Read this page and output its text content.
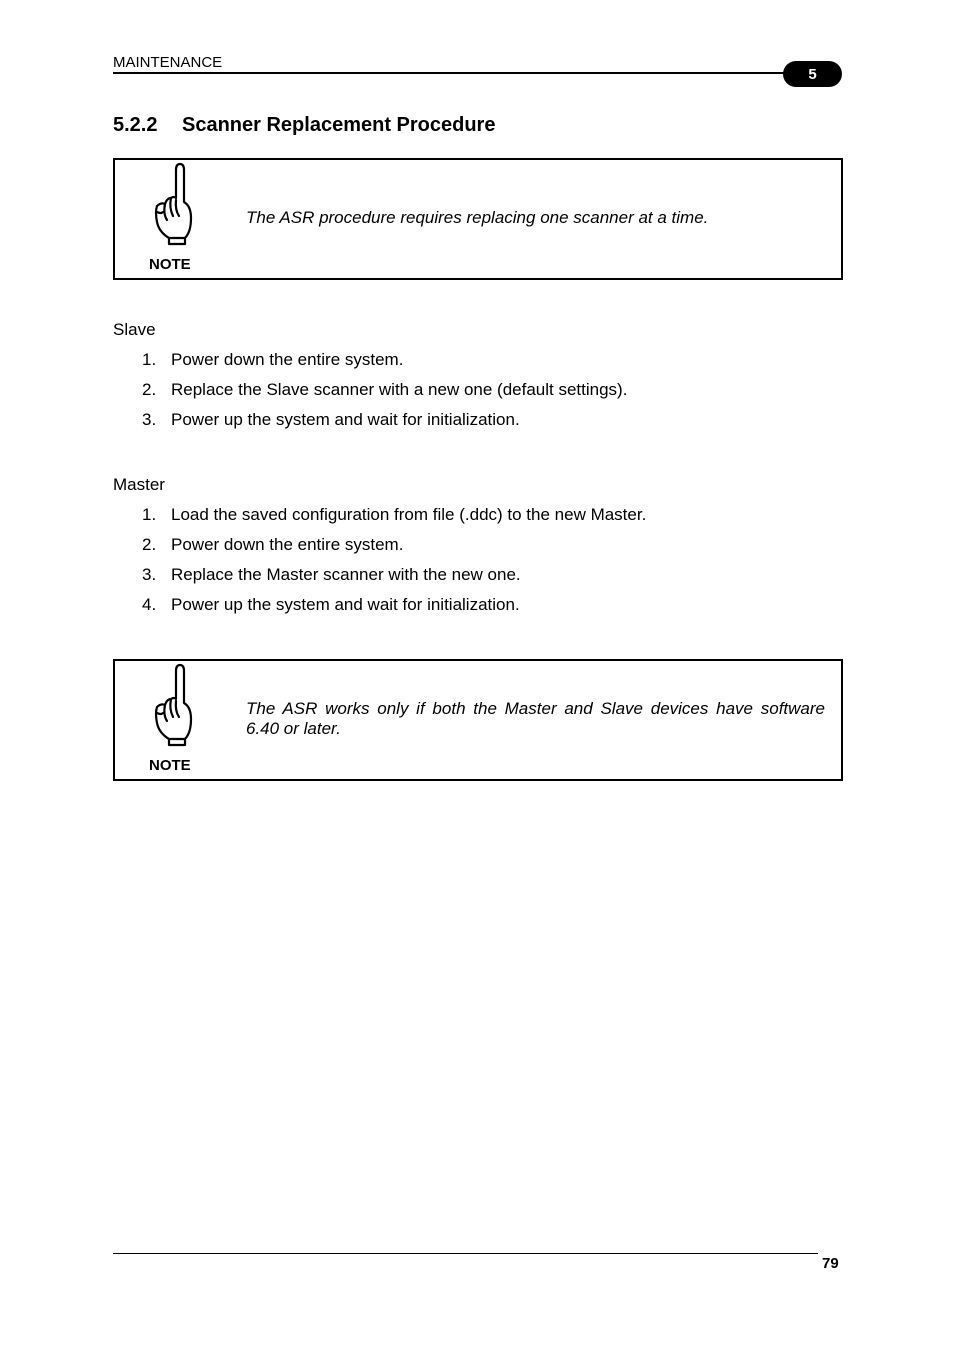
MAINTENANCE
5
5.2.2 Scanner Replacement Procedure
NOTE
The ASR procedure requires replacing one scanner at a time.
Slave
1. Power down the entire system.
2. Replace the Slave scanner with a new one (default settings).
3. Power up the system and wait for initialization.
Master
1. Load the saved configuration from file (.ddc) to the new Master.
2. Power down the entire system.
3. Replace the Master scanner with the new one.
4. Power up the system and wait for initialization.
NOTE
The ASR works only if both the Master and Slave devices have software 6.40 or later.
79
